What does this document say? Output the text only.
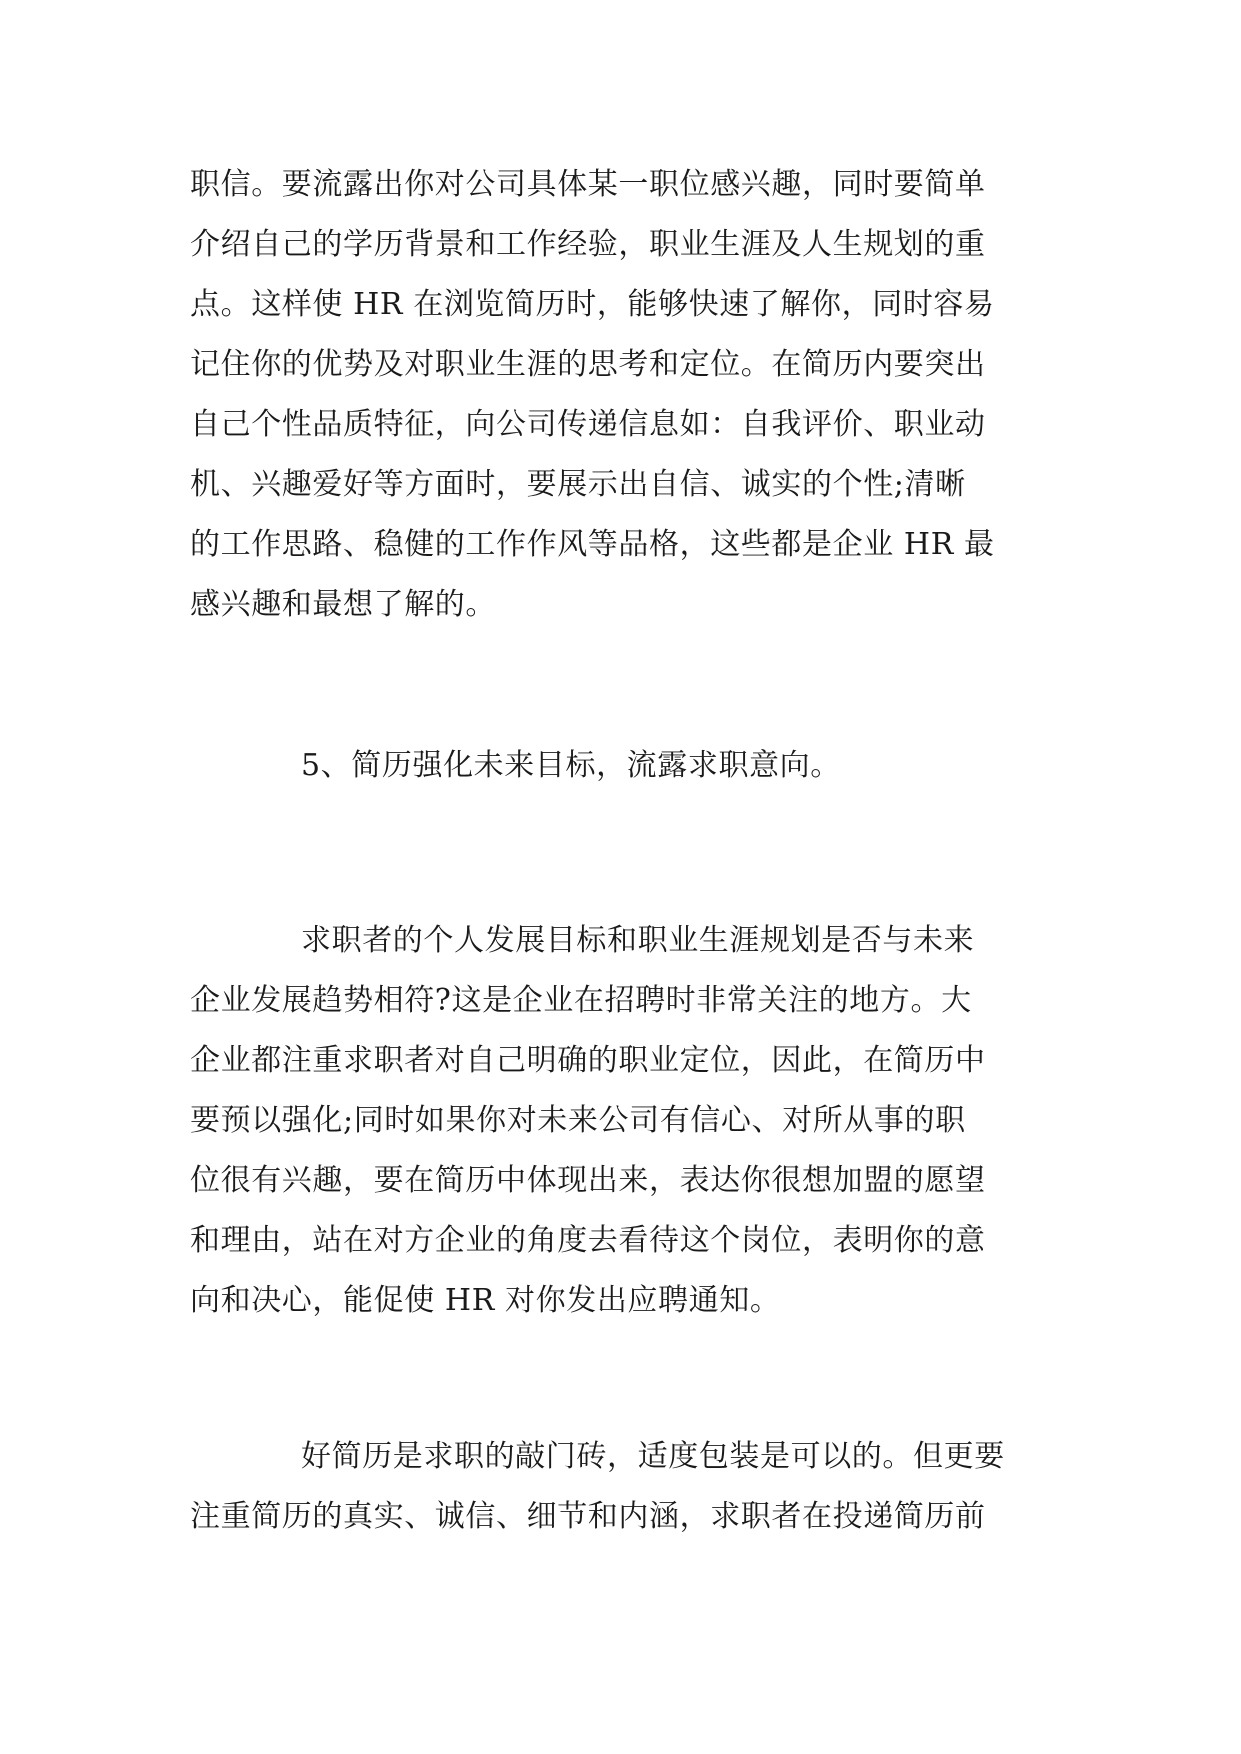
职信。要流露出你对公司具体某一职位感兴趣，同时要简单
介绍自己的学历背景和工作经验，职业生涯及人生规划的重
点。这样使 HR 在浏览简历时，能够快速了解你，同时容易
记住你的优势及对职业生涯的思考和定位。在简历内要突出
自己个性品质特征，向公司传递信息如：自我评价、职业动
机、兴趣爱好等方面时，要展示出自信、诚实的个性;清晰
的工作思路、稳健的工作作风等品格，这些都是企业 HR 最
感兴趣和最想了解的。
5、简历强化未来目标，流露求职意向。
求职者的个人发展目标和职业生涯规划是否与未来
企业发展趋势相符?这是企业在招聘时非常关注的地方。大
企业都注重求职者对自己明确的职业定位，因此，在简历中
要预以强化;同时如果你对未来公司有信心、对所从事的职
位很有兴趣，要在简历中体现出来，表达你很想加盟的愿望
和理由，站在对方企业的角度去看待这个岗位，表明你的意
向和决心，能促使 HR 对你发出应聘通知。
好简历是求职的敲门砖，适度包装是可以的。但更要
注重简历的真实、诚信、细节和内涵，求职者在投递简历前
